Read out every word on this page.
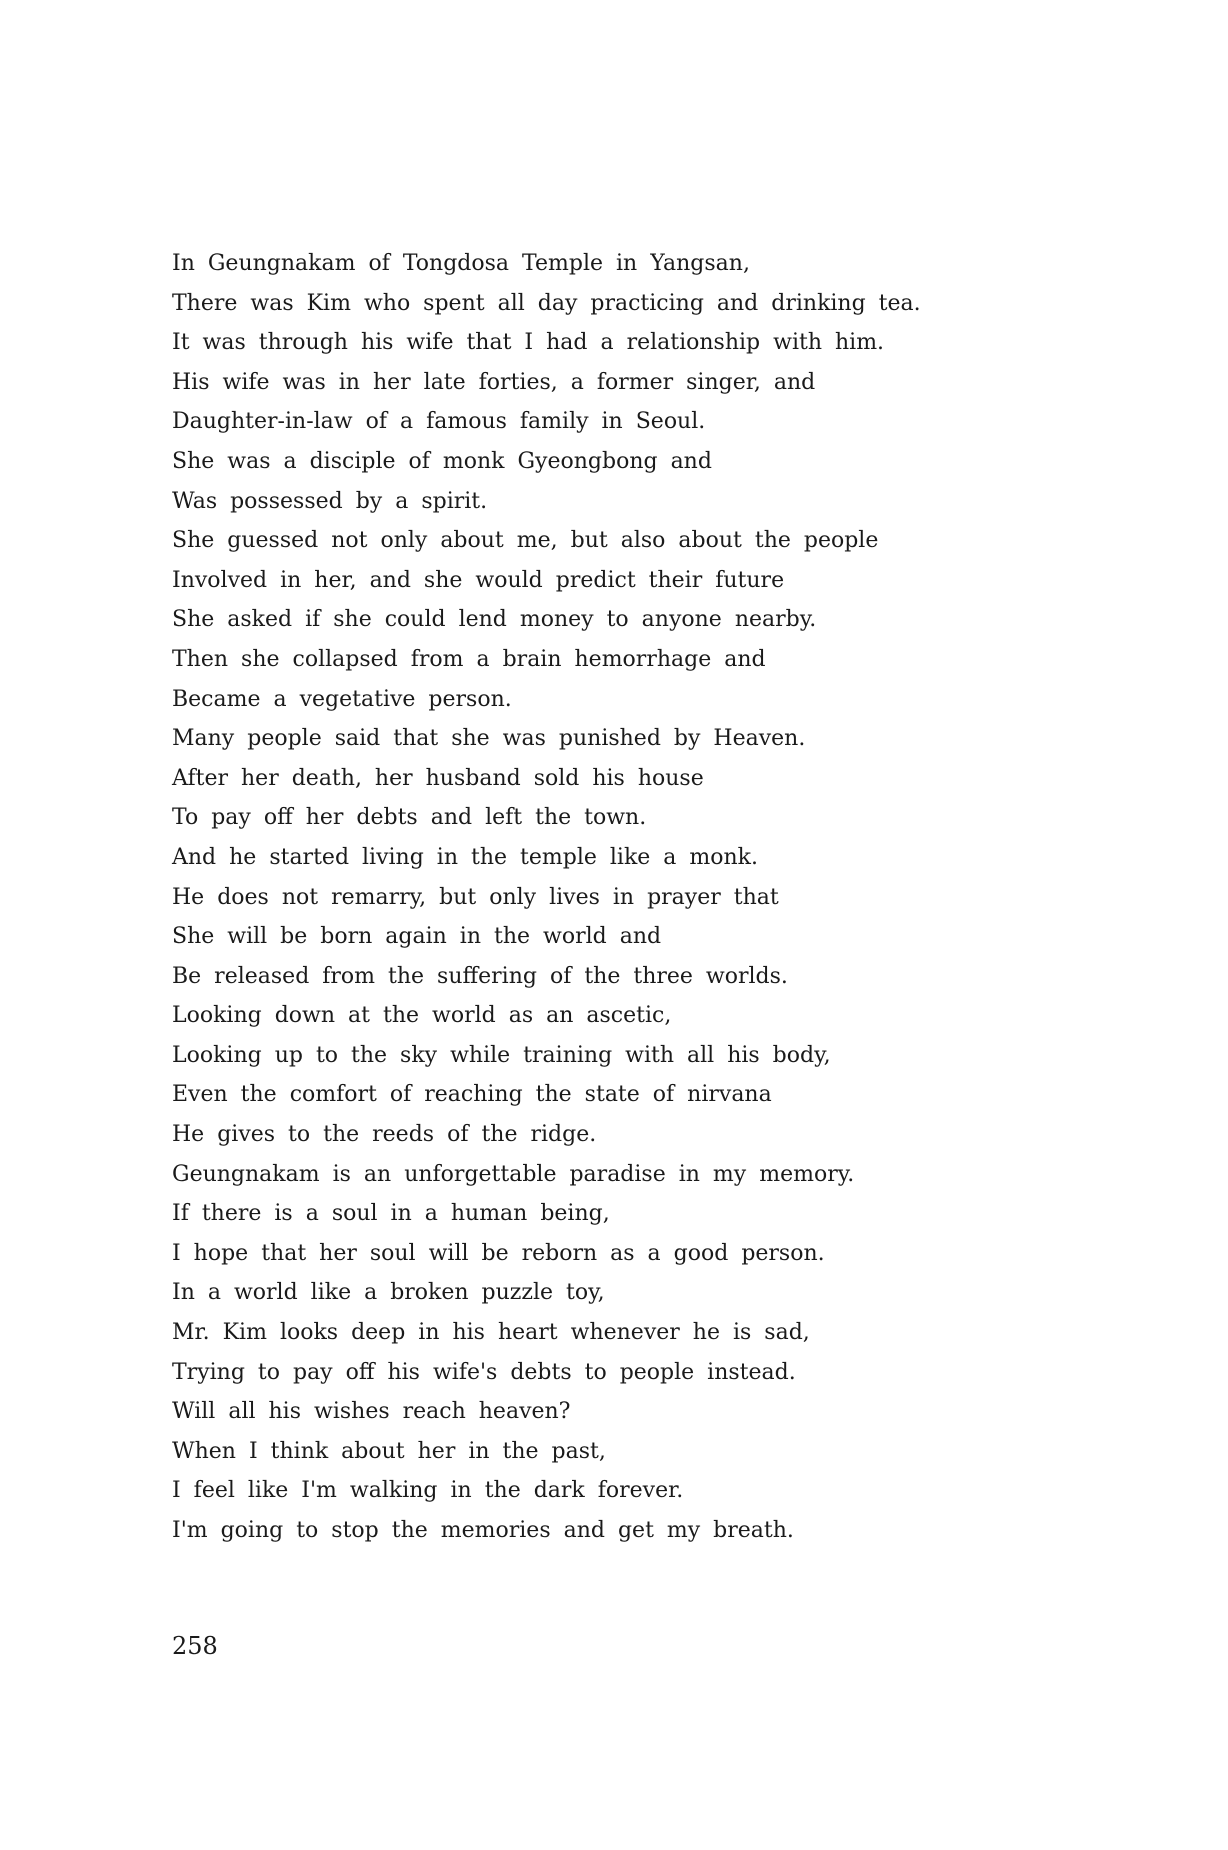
In Geungnakam of Tongdosa Temple in Yangsan,
There was Kim who spent all day practicing and drinking tea.
It was through his wife that I had a relationship with him.
His wife was in her late forties, a former singer, and
Daughter-in-law of a famous family in Seoul.
She was a disciple of monk Gyeongbong and
Was possessed by a spirit.
She guessed not only about me, but also about the people
Involved in her, and she would predict their future
She asked if she could lend money to anyone nearby.
Then she collapsed from a brain hemorrhage and
Became a vegetative person.
Many people said that she was punished by Heaven.
After her death, her husband sold his house
To pay off her debts and left the town.
And he started living in the temple like a monk.
He does not remarry, but only lives in prayer that
She will be born again in the world and
Be released from the suffering of the three worlds.
Looking down at the world as an ascetic,
Looking up to the sky while training with all his body,
Even the comfort of reaching the state of nirvana
He gives to the reeds of the ridge.
Geungnakam is an unforgettable paradise in my memory.
If there is a soul in a human being,
I hope that her soul will be reborn as a good person.
In a world like a broken puzzle toy,
Mr. Kim looks deep in his heart whenever he is sad,
Trying to pay off his wife's debts to people instead.
Will all his wishes reach heaven?
When I think about her in the past,
I feel like I'm walking in the dark forever.
I'm going to stop the memories and get my breath.
258
